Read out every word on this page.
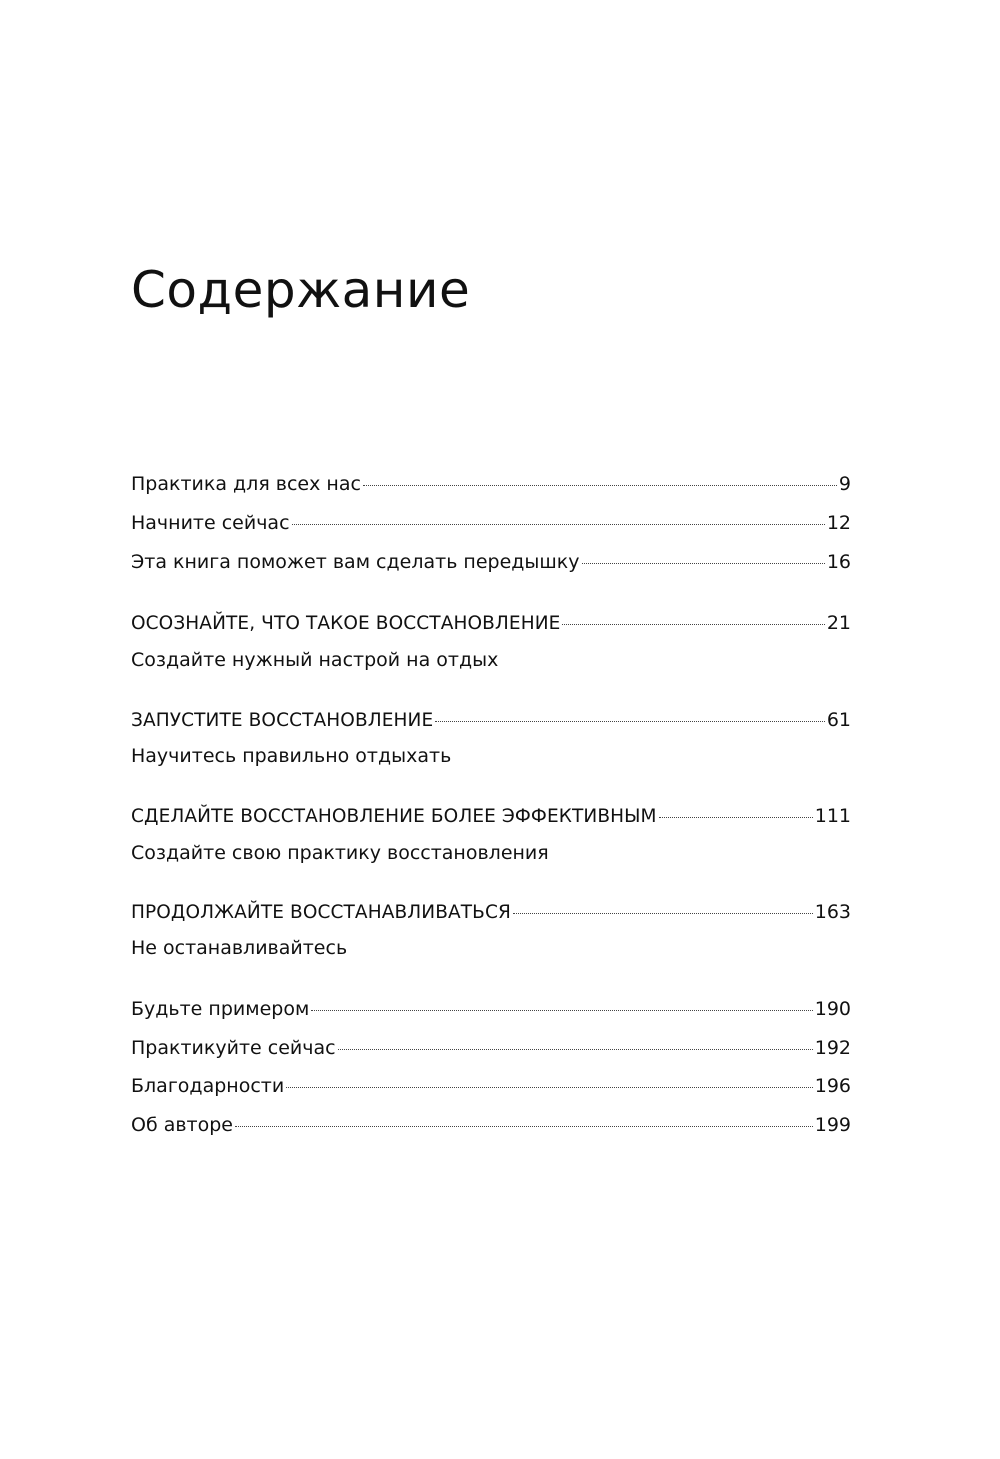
Содержание
Практика для всех нас	9
Начните сейчас	12
Эта книга поможет вам сделать передышку	16
ОСОЗНАЙТЕ, ЧТО ТАКОЕ ВОССТАНОВЛЕНИЕ	21
Создайте нужный настрой на отдых
ЗАПУСТИТЕ ВОССТАНОВЛЕНИЕ	61
Научитесь правильно отдыхать
СДЕЛАЙТЕ ВОССТАНОВЛЕНИЕ БОЛЕЕ ЭФФЕКТИВНЫМ	111
Создайте свою практику восстановления
ПРОДОЛЖАЙТЕ ВОССТАНАВЛИВАТЬСЯ	163
Не останавливайтесь
Будьте примером	190
Практикуйте сейчас	192
Благодарности	196
Об авторе	199
